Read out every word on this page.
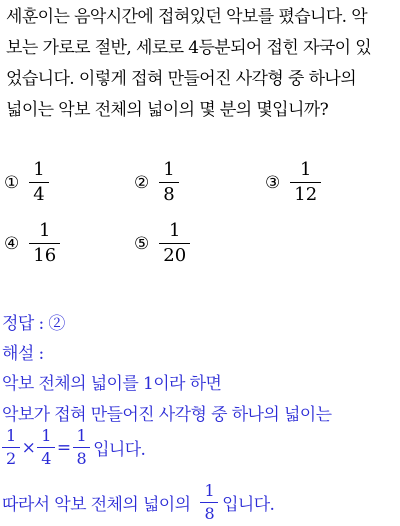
세훈이는 음악시간에 접혀있던 악보를 폈습니다. 악
보는 가로로 절반, 세로로 4등분되어 접힌 자국이 있
었습니다. 이렇게 접혀 만들어진 사각형 중 하나의
넓이는 악보 전체의 넓이의 몇 분의 몇입니까?
① $\frac{1}{4}$	② $\frac{1}{8}$	③ $\frac{1}{12}$
④ $\frac{1}{16}$	⑤ $\frac{1}{20}$
정답 : ②
해설 :
악보 전체의 넓이를 1이라 하면
악보가 접혀 만들어진 사각형 중 하나의 넓이는
$\frac{1}{2} \times \frac{1}{4} = \frac{1}{8}$ 입니다.
따라서 악보 전체의 넓이의 $\frac{1}{8}$ 입니다.
